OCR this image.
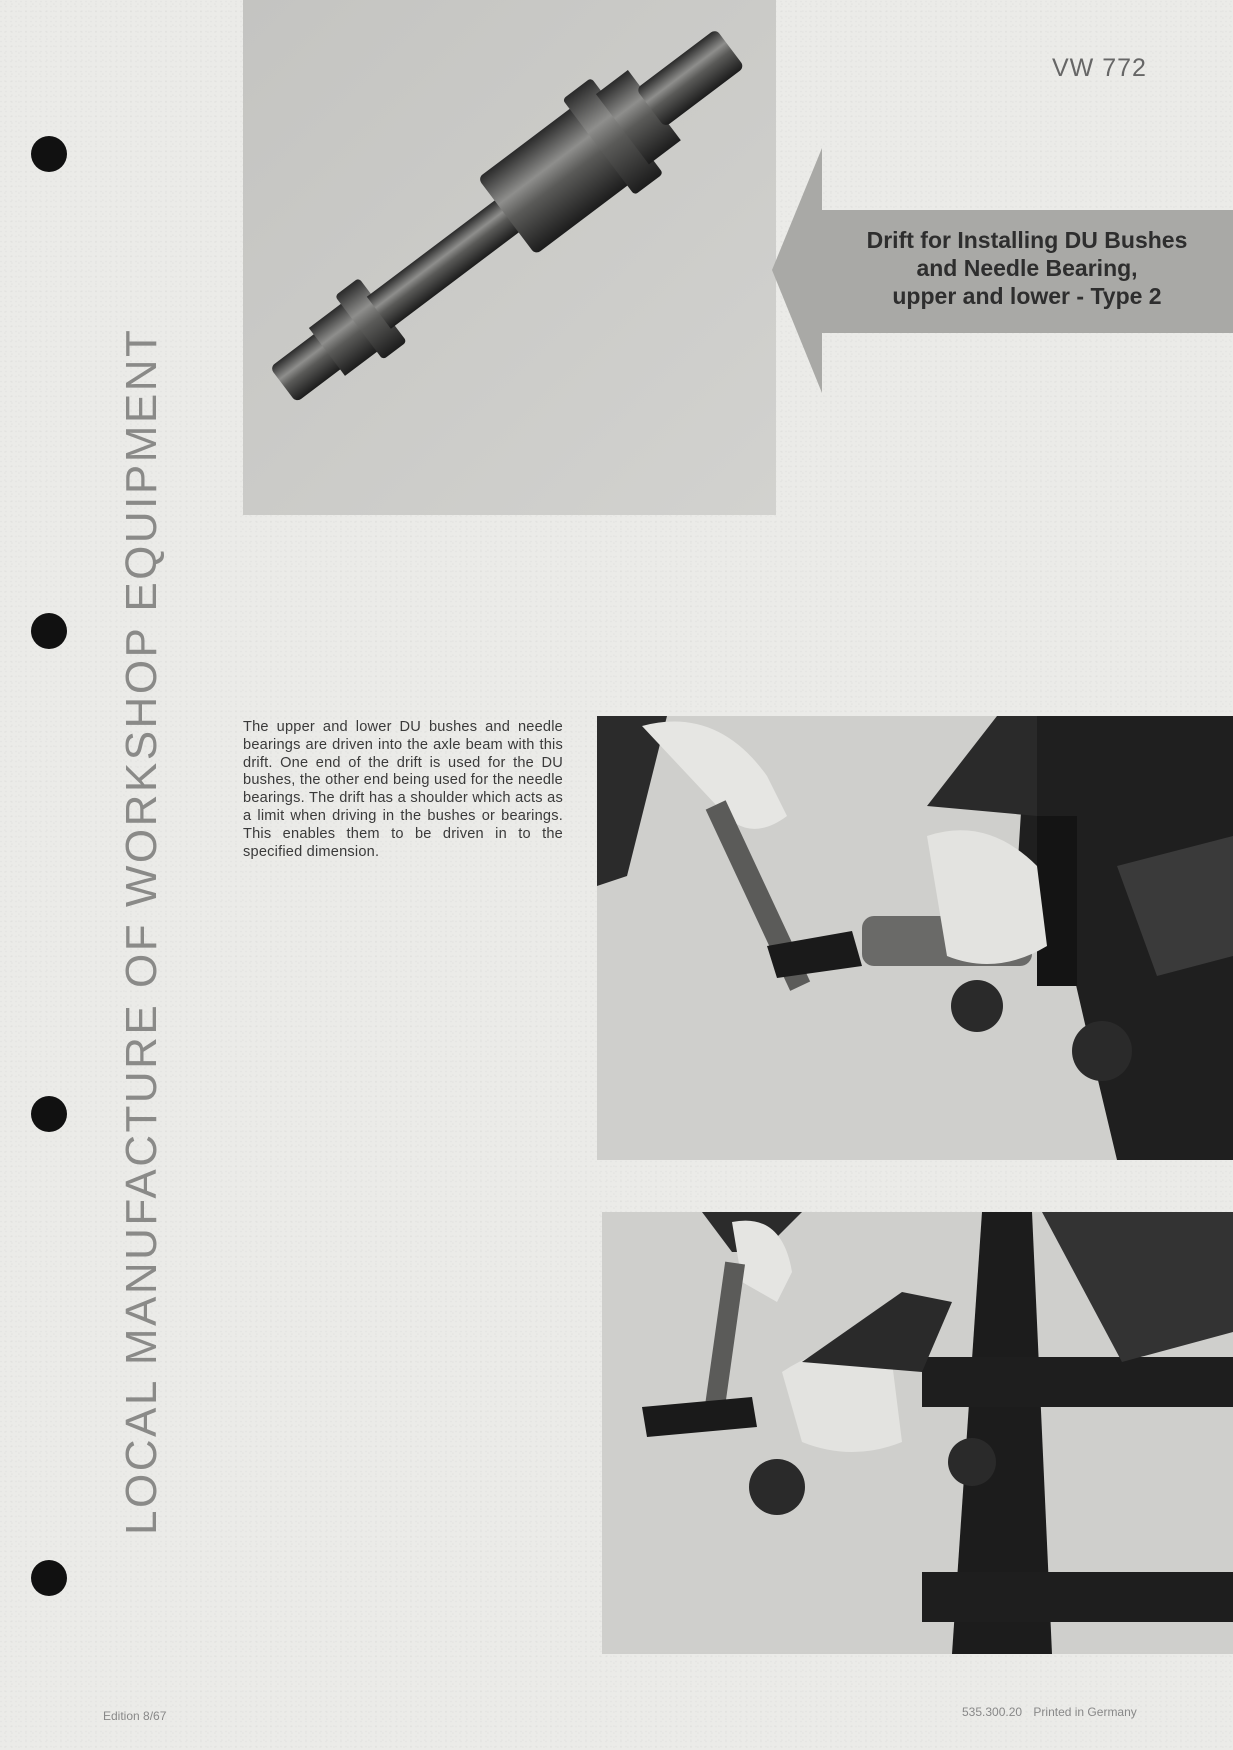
LOCAL MANUFACTURE OF WORKSHOP EQUIPMENT
VW 772
Drift for Installing DU Bushes
and Needle Bearing,
upper and lower - Type 2
The upper and lower DU bushes and needle bearings are driven into the axle beam with this drift. One end of the drift is used for the DU bushes, the other end being used for the needle bearings. The drift has a shoulder which acts as a limit when driving in the bushes or bearings. This enables them to be driven in to the specified dimension.
Edition 8/67	535.300.20 Printed in Germany
